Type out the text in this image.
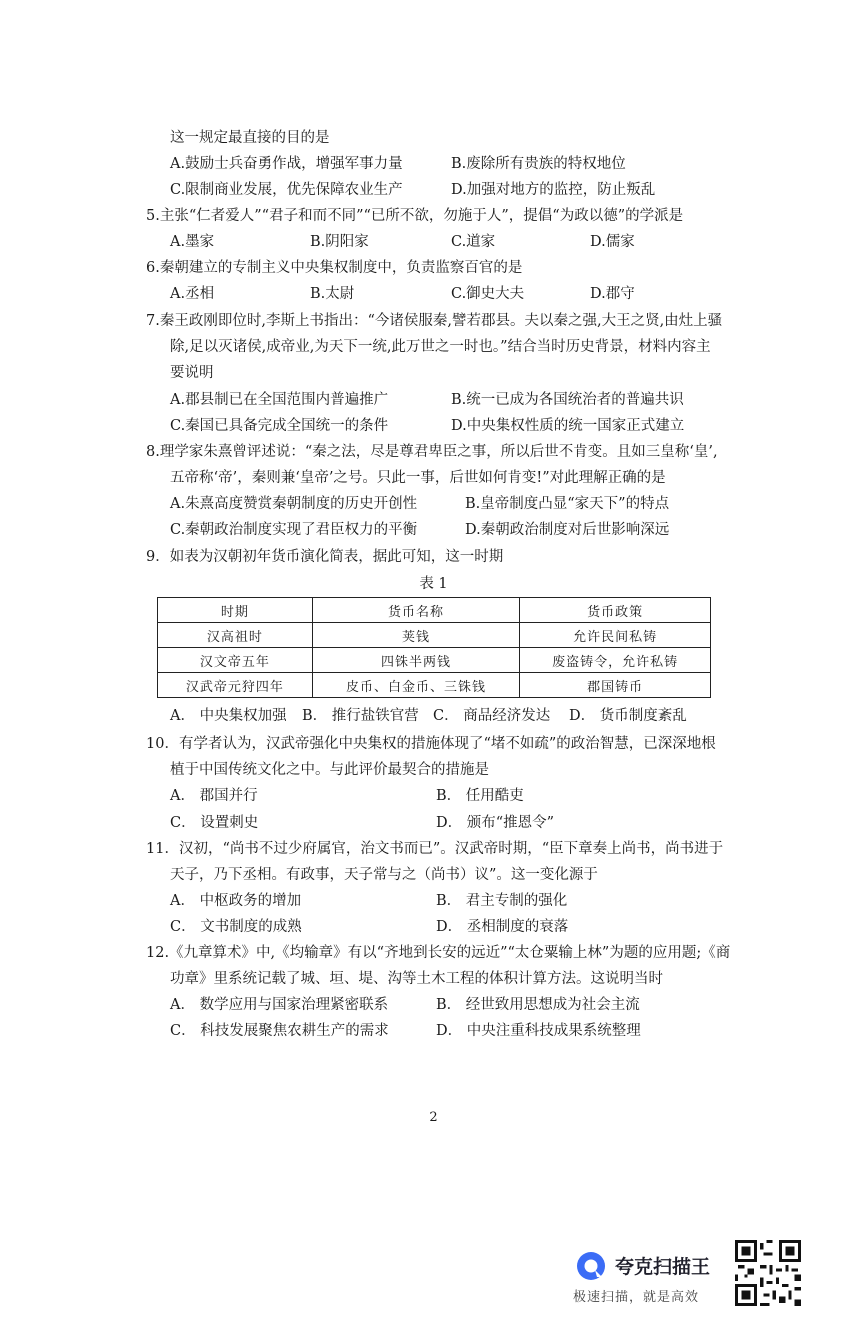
这一规定最直接的目的是
A.鼓励士兵奋勇作战，增强军事力量	B.废除所有贵族的特权地位
C.限制商业发展，优先保障农业生产	D.加强对地方的监控，防止叛乱
5.主张“仁者爱人”“君子和而不同”“已所不欲，勿施于人”，提倡“为政以德”的学派是
A.墨家	B.阴阳家	C.道家	D.儒家
6.秦朝建立的专制主义中央集权制度中，负责监察百官的是
A.丞相	B.太尉	C.御史大夫	D.郡守
7.秦王政刚即位时,李斯上书指出：“今诸侯服秦,譬若郡县。夫以秦之强,大王之贤,由灶上骚
除,足以灭诸侯,成帝业,为天下一统,此万世之一时也。”结合当时历史背景，材料内容主
要说明
A.郡县制已在全国范围内普遍推广	B.统一已成为各国统治者的普遍共识
C.秦国已具备完成全国统一的条件	D.中央集权性质的统一国家正式建立
8.理学家朱熹曾评述说：“秦之法，尽是尊君卑臣之事，所以后世不肯变。且如三皇称‘皇’,
五帝称‘帝’，秦则兼‘皇帝’之号。只此一事，后世如何肯变!”对此理解正确的是
A.朱熹高度赞赏秦朝制度的历史开创性	B.皇帝制度凸显“家天下”的特点
C.秦朝政治制度实现了君臣权力的平衡	D.秦朝政治制度对后世影响深远
9．如表为汉朝初年货币演化简表，据此可知，这一时期
A． 中央集权加强 B． 推行盐铁官营 C． 商品经济发达 D． 货币制度紊乱
10．有学者认为，汉武帝强化中央集权的措施体现了“堵不如疏”的政治智慧，已深深地根
植于中国传统文化之中。与此评价最契合的措施是
A． 郡国并行	B． 任用酷吏
C． 设置刺史	D． 颁布“推恩令”
11．汉初，“尚书不过少府属官，治文书而已”。汉武帝时期，“臣下章奏上尚书，尚书进于
天子，乃下丞相。有政事，天子常与之（尚书）议”。这一变化源于
A． 中枢政务的增加	B． 君主专制的强化
C． 文书制度的成熟	D． 丞相制度的衰落
12.《九章算术》中,《均输章》有以“齐地到长安的远近”“太仓粟输上林”为题的应用题;《商
功章》里系统记载了城、垣、堤、沟等土木工程的体积计算方法。这说明当时
A． 数学应用与国家治理紧密联系	B． 经世致用思想成为社会主流
C． 科技发展聚焦农耕生产的需求	D． 中央注重科技成果系统整理
表 1
时期	货币名称	货币政策
汉高祖时	荚钱	允许民间私铸
汉文帝五年	四铢半两钱	废盗铸令，允许私铸
汉武帝元狩四年	皮币、白金币、三铢钱	郡国铸币
2
夸克扫描王
极速扫描，就是高效
